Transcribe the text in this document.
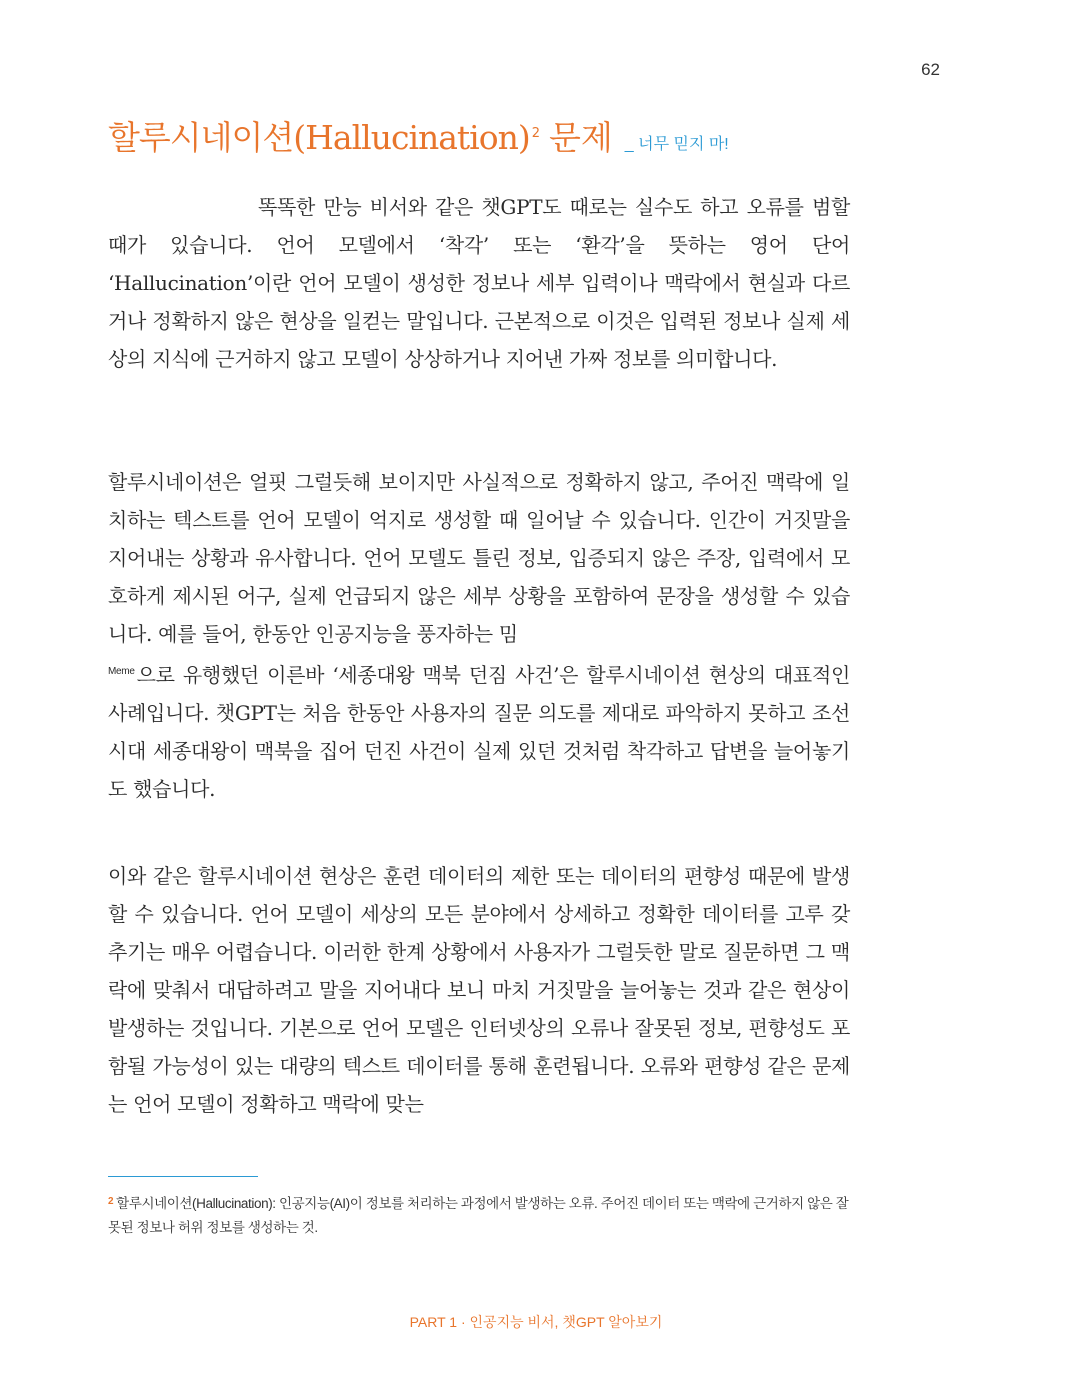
62
할루시네이션(Hallucination) $^2$ 문제 _ 너무 믿지 마!

똑똑한 만능 비서와 같은 챗GPT도 때로는 실수도 하고 오류를 범할 때가 있습니다. 언어 모델에서 ‘착각’ 또는 ‘환각’을 뜻하는 영어 단어 ‘Hallucination’이란 언어 모델이 생성한 정보나 세부 입력이나 맥락에서 현실과 다르거나 정확하지 않은 현상을 일컫는 말입니다. 근본적으로 이것은 입력된 정보나 실제 세상의 지식에 근거하지 않고 모델이 상상하거나 지어낸 가짜 정보를 의미합니다.

할루시네이션은 얼핏 그럴듯해 보이지만 사실적으로 정확하지 않고, 주어진 맥락에 일치하는 텍스트를 언어 모델이 억지로 생성할 때 일어날 수 있습니다. 인간이 거짓말을 지어내는 상황과 유사합니다. 언어 모델도 틀린 정보, 입증되지 않은 주장, 입력에서 모호하게 제시된 어구, 실제 언급되지 않은 세부 상황을 포함하여 문장을 생성할 수 있습니다. 예를 들어, 한동안 인공지능을 풍자하는 밈
$^{Meme}$ 으로 유행했던 이른바 ‘세종대왕 맥북 던짐 사건’은 할루시네이션 현상의 대표적인 사례입니다. 챗GPT는 처음 한동안 사용자의 질문 의도를 제대로 파악하지 못하고 조선 시대 세종대왕이 맥북을 집어 던진 사건이 실제 있던 것처럼 착각하고 답변을 늘어놓기도 했습니다.

이와 같은 할루시네이션 현상은 훈련 데이터의 제한 또는 데이터의 편향성 때문에 발생할 수 있습니다. 언어 모델이 세상의 모든 분야에서 상세하고 정확한 데이터를 고루 갖추기는 매우 어렵습니다. 이러한 한계 상황에서 사용자가 그럴듯한 말로 질문하면 그 맥락에 맞춰서 대답하려고 말을 지어내다 보니 마치 거짓말을 늘어놓는 것과 같은 현상이 발생하는 것입니다. 기본으로 언어 모델은 인터넷상의 오류나 잘못된 정보, 편향성도 포함될 가능성이 있는 대량의 텍스트 데이터를 통해 훈련됩니다. 오류와 편향성 같은 문제는 언어 모델이 정확하고 맥락에 맞는

$^2$ 할루시네이션(Hallucination): 인공지능(AI)이 정보를 처리하는 과정에서 발생하는 오류. 주어진 데이터 또는 맥락에 근거하지 않은 잘못된 정보나 허위 정보를 생성하는 것.
PART 1 · 인공지능 비서, 챗GPT 알아보기
